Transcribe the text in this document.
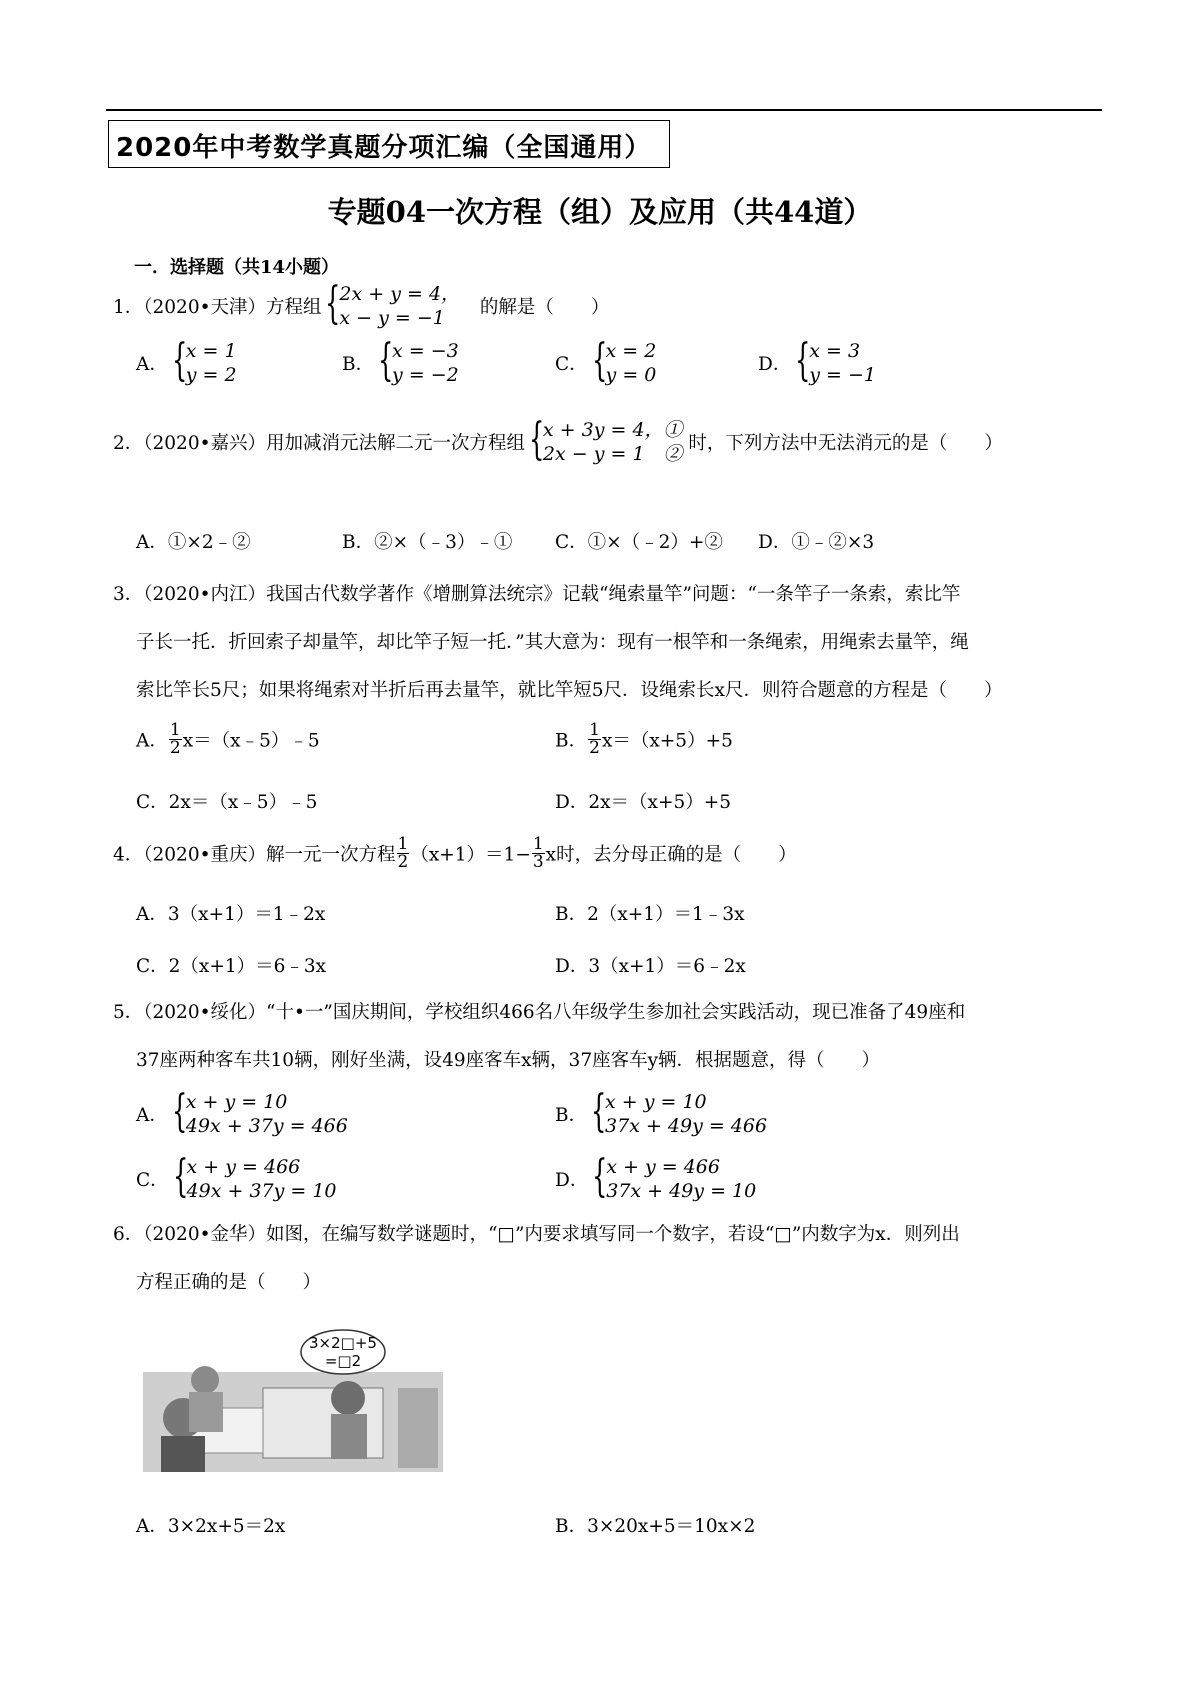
2020年中考数学真题分项汇编（全国通用）
专题04一次方程（组）及应用（共44道）
一．选择题（共14小题）
1．（2020•天津）方程组 {
2x + y = 4，
x − y = −1	的解是（　　）
A． {
x = 1
y = 2	B． {
x = −3
y = −2	C． {
x = 2
y = 0	D． {
x = 3
y = −1
2．（2020•嘉兴）用加减消元法解二元一次方程组 {
x + 3y = 4，①
2x − y = 1　② 时，下列方法中无法消元的是（　　）
A．①×2﹣②	B．②×（﹣3）﹣① C．①×（﹣2）+② D．①﹣②×3
3．（2020•内江）我国古代数学著作《增删算法统宗》记载“绳索量竿”问题：“一条竿子一条索，索比竿
子长一托．折回索子却量竿，却比竿子短一托．”其大意为：现有一根竿和一条绳索，用绳索去量竿，绳
索比竿长5尺；如果将绳索对半折后再去量竿，就比竿短5尺．设绳索长x尺．则符合题意的方程是（　　）
A． $\frac{1}{2}$ x＝（x﹣5）﹣5	B． $\frac{1}{2} x=(x+5)+5$
C．2x＝（x﹣5）﹣5	D．2x＝（x+5）+5
4．（2020•重庆）解一元一次方程 $\frac{1}{2} (x+1)=1- \frac{1}{3}$ x时，去分母正确的是（　　）
A．3（x+1）＝1﹣2x	B．2（x+1）＝1﹣3x
C．2（x+1）＝6﹣3x	D．3（x+1）＝6﹣2x
5．（2020•绥化）“十•一”国庆期间，学校组织466名八年级学生参加社会实践活动，现已准备了49座和
37座两种客车共10辆，刚好坐满，设49座客车x辆，37座客车y辆．根据题意，得（　　）
A． {
x + y = 10
49x + 37y = 466	B． {
x + y = 10
37x + 49y = 466
C． {
x + y = 466
49x + 37y = 10	D． {
x + y = 466
37x + 49y = 10
6．（2020•金华）如图，在编写数学谜题时，“□”内要求填写同一个数字，若设“□”内数字为x．则列出
方程正确的是（　　）
3×2□+5
=□2
A．3×2x+5＝2x	B．3×20x+5＝10x×2
